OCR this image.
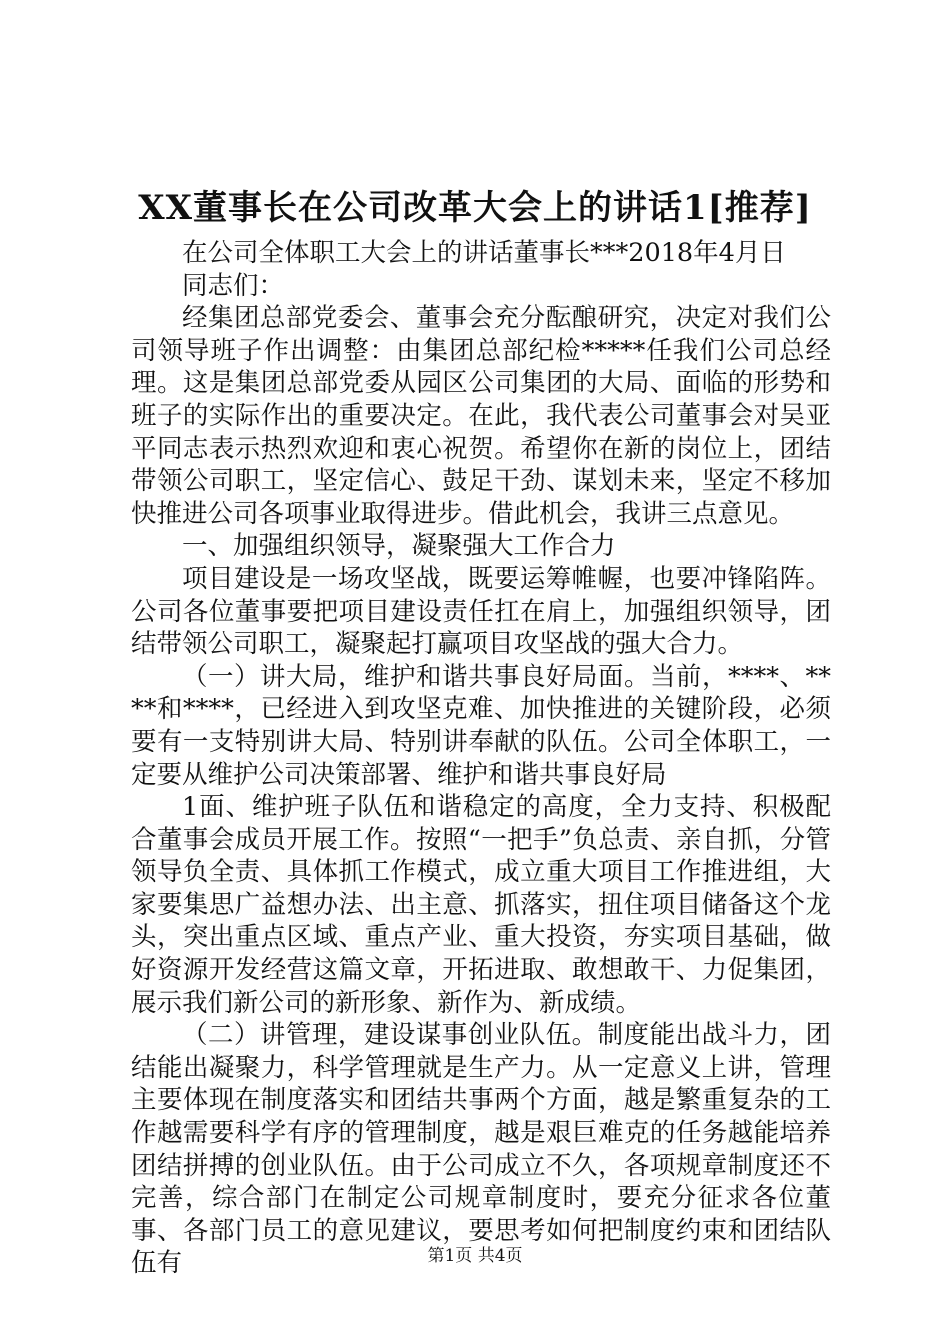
XX董事长在公司改革大会上的讲话1[推荐]

在公司全体职工大会上的讲话董事长***2018年4月日

同志们：

经集团总部党委会、董事会充分酝酿研究，决定对我们公司领导班子作出调整：由集团总部纪检*****任我们公司总经理。这是集团总部党委从园区公司集团的大局、面临的形势和班子的实际作出的重要决定。在此，我代表公司董事会对吴亚平同志表示热烈欢迎和衷心祝贺。希望你在新的岗位上，团结带领公司职工，坚定信心、鼓足干劲、谋划未来，坚定不移加快推进公司各项事业取得进步。借此机会，我讲三点意见。

一、加强组织领导，凝聚强大工作合力

项目建设是一场攻坚战，既要运筹帷幄，也要冲锋陷阵。公司各位董事要把项目建设责任扛在肩上，加强组织领导，团结带领公司职工，凝聚起打赢项目攻坚战的强大合力。

（一）讲大局，维护和谐共事良好局面。当前，****、****和****，已经进入到攻坚克难、加快推进的关键阶段，必须要有一支特别讲大局、特别讲奉献的队伍。公司全体职工，一定要从维护公司决策部署、维护和谐共事良好局

1面、维护班子队伍和谐稳定的高度，全力支持、积极配合董事会成员开展工作。按照“一把手”负总责、亲自抓，分管领导负全责、具体抓工作模式，成立重大项目工作推进组，大家要集思广益想办法、出主意、抓落实，扭住项目储备这个龙头，突出重点区域、重点产业、重大投资，夯实项目基础，做好资源开发经营这篇文章，开拓进取、敢想敢干、力促集团，展示我们新公司的新形象、新作为、新成绩。

（二）讲管理，建设谋事创业队伍。制度能出战斗力，团结能出凝聚力，科学管理就是生产力。从一定意义上讲，管理主要体现在制度落实和团结共事两个方面，越是繁重复杂的工作越需要科学有序的管理制度，越是艰巨难克的任务越能培养团结拼搏的创业队伍。由于公司成立不久，各项规章制度还不完善，综合部门在制定公司规章制度时，要充分征求各位董事、各部门员工的意见建议，要思考如何把制度约束和团结队伍有	第1页 共4页
